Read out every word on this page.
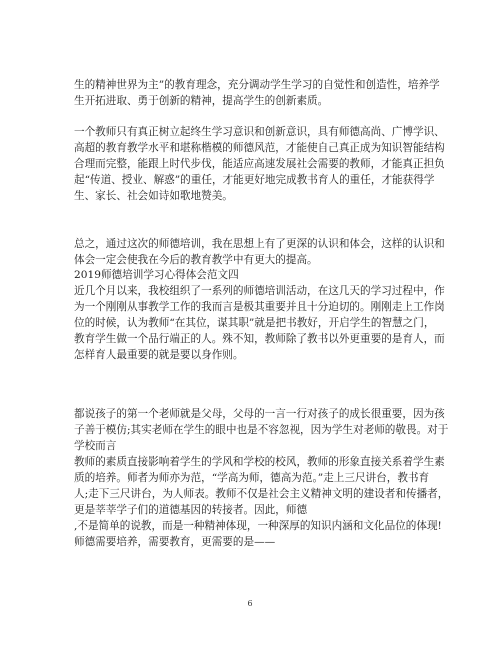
生的精神世界为主”的教育理念，充分调动学生学习的自觉性和创造性，培养学
生开拓进取、勇于创新的精神，提高学生的创新素质。
一个教师只有真正树立起终生学习意识和创新意识，具有师德高尚、广博学识、
高超的教育教学水平和堪称楷模的师德风范，才能使自己真正成为知识智能结构
合理而完整，能跟上时代步伐，能适应高速发展社会需要的教师，才能真正担负
起“传道、授业、解惑”的重任，才能更好地完成教书育人的重任，才能获得学
生、家长、社会如诗如歌地赞美。
总之，通过这次的师德培训，我在思想上有了更深的认识和体会，这样的认识和
体会一定会使我在今后的教育教学中有更大的提高。
2019师德培训学习心得体会范文四
近几个月以来，我校组织了一系列的师德培训活动，在这几天的学习过程中，作
为一个刚刚从事教学工作的我而言是极其重要并且十分迫切的。刚刚走上工作岗
位的时候，认为教师“在其位，谋其职”就是把书教好，开启学生的智慧之门，
教育学生做一个品行端正的人。殊不知，教师除了教书以外更重要的是育人，而
怎样育人最重要的就是要以身作则。
都说孩子的第一个老师就是父母，父母的一言一行对孩子的成长很重要，因为孩
子善于模仿;其实老师在学生的眼中也是不容忽视，因为学生对老师的敬畏。对于
学校而言
教师的素质直接影响着学生的学风和学校的校风，教师的形象直接关系着学生素
质的培养。师者为师亦为范，“学高为师，德高为范。”走上三尺讲台，教书育
人;走下三尺讲台，为人师表。教师不仅是社会主义精神文明的建设者和传播者，
更是莘莘学子们的道德基因的转接者。因此，师德
,不是简单的说教，而是一种精神体现，一种深厚的知识内涵和文化品位的体现!
师德需要培养，需要教育，更需要的是——
6
